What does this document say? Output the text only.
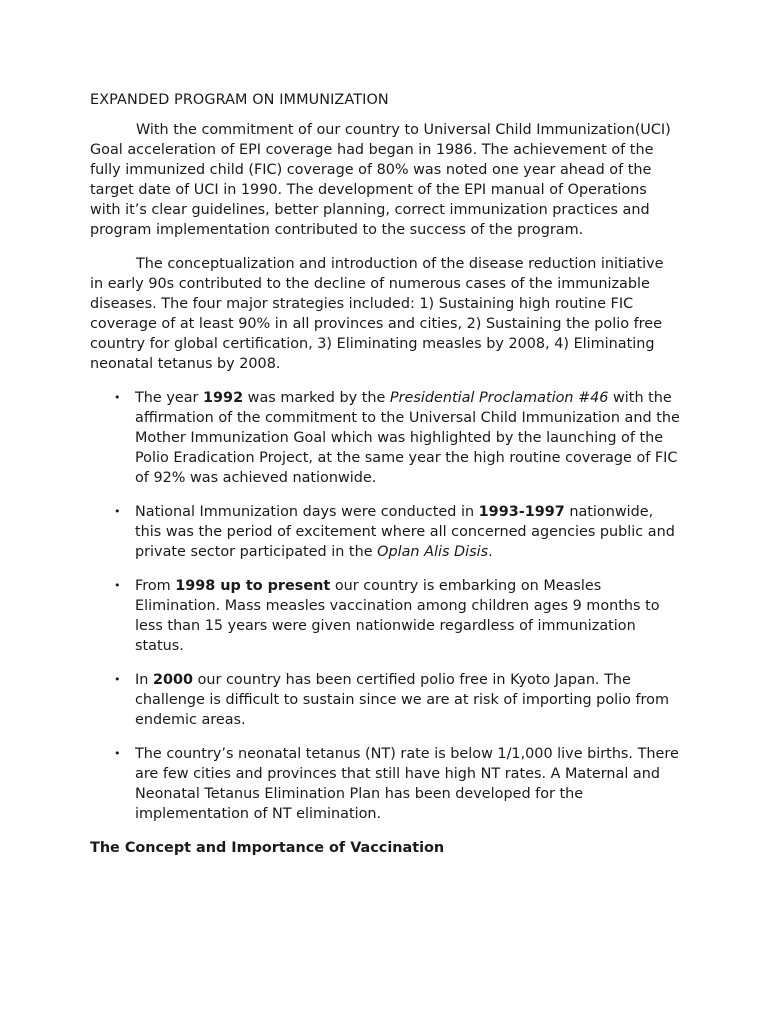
EXPANDED PROGRAM ON IMMUNIZATION

With the commitment of our country to Universal Child Immunization(UCI) Goal acceleration of EPI coverage had began in 1986. The achievement of the fully immunized child (FIC) coverage of 80% was noted one year ahead of the target date of UCI in 1990. The development of the EPI manual of Operations with it’s clear guidelines, better planning, correct immunization practices and program implementation contributed to the success of the program.

The conceptualization and introduction of the disease reduction initiative in early 90s contributed to the decline of numerous cases of the immunizable diseases. The four major strategies included: 1) Sustaining high routine FIC coverage of at least 90% in all provinces and cities, 2) Sustaining the polio free country for global certification, 3) Eliminating measles by 2008, 4) Eliminating neonatal tetanus by 2008.

• The year 1992 was marked by the Presidential Proclamation #46 with the affirmation of the commitment to the Universal Child Immunization and the Mother Immunization Goal which was highlighted by the launching of the Polio Eradication Project, at the same year the high routine coverage of FIC of 92% was achieved nationwide.
• National Immunization days were conducted in 1993-1997 nationwide, this was the period of excitement where all concerned agencies public and private sector participated in the Oplan Alis Disis.
• From 1998 up to present our country is embarking on Measles Elimination. Mass measles vaccination among children ages 9 months to less than 15 years were given nationwide regardless of immunization status.
• In 2000 our country has been certified polio free in Kyoto Japan. The challenge is difficult to sustain since we are at risk of importing polio from endemic areas.
• The country’s neonatal tetanus (NT) rate is below 1/1,000 live births. There are few cities and provinces that still have high NT rates. A Maternal and Neonatal Tetanus Elimination Plan has been developed for the implementation of NT elimination.
The Concept and Importance of Vaccination
